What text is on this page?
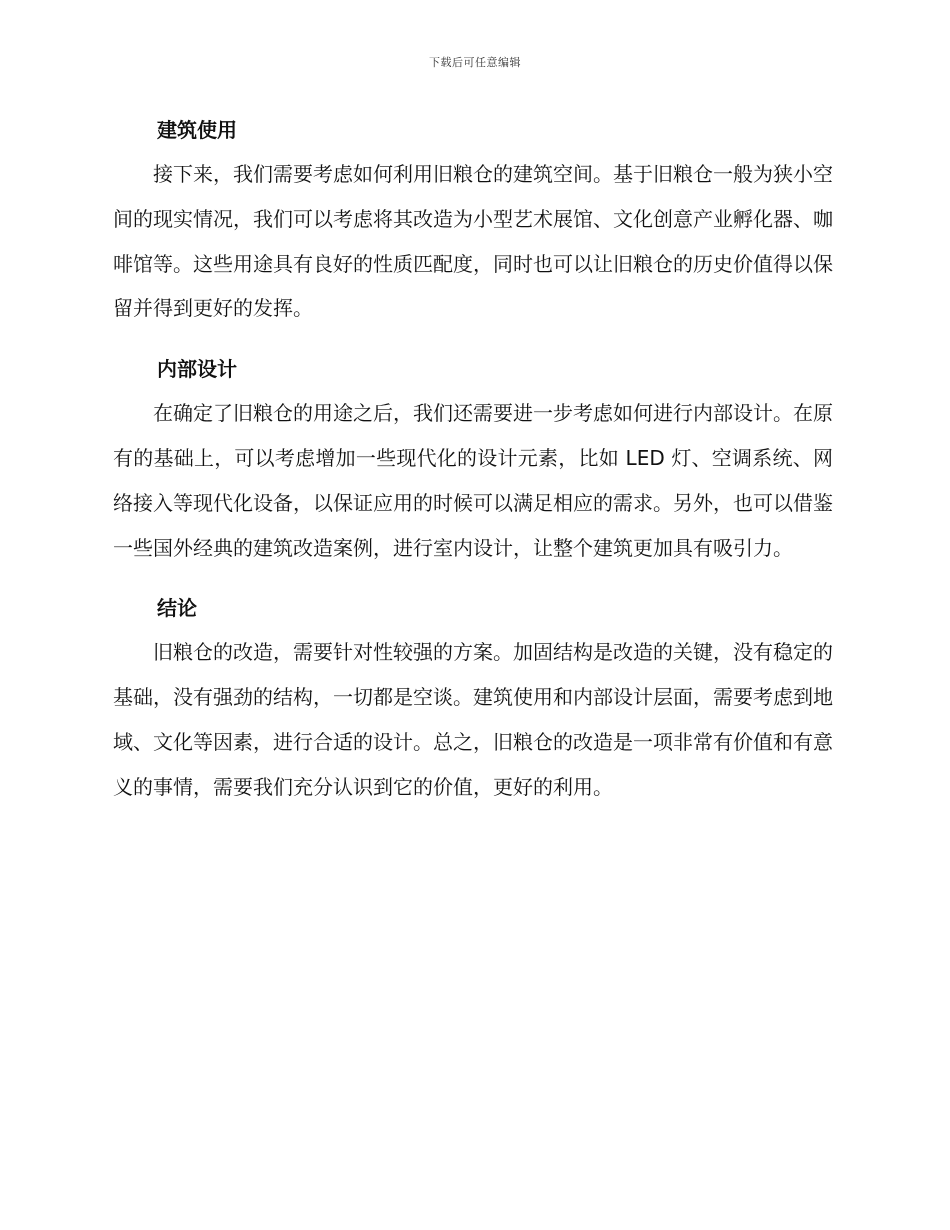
下载后可任意编辑
建筑使用

接下来，我们需要考虑如何利用旧粮仓的建筑空间。基于旧粮仓一般为狭小空间的现实情况，我们可以考虑将其改造为小型艺术展馆、文化创意产业孵化器、咖啡馆等。这些用途具有良好的性质匹配度，同时也可以让旧粮仓的历史价值得以保留并得到更好的发挥。

内部设计

在确定了旧粮仓的用途之后，我们还需要进一步考虑如何进行内部设计。在原有的基础上，可以考虑增加一些现代化的设计元素，比如 LED 灯、空调系统、网络接入等现代化设备，以保证应用的时候可以满足相应的需求。另外，也可以借鉴一些国外经典的建筑改造案例，进行室内设计，让整个建筑更加具有吸引力。

结论

旧粮仓的改造，需要针对性较强的方案。加固结构是改造的关键，没有稳定的基础，没有强劲的结构，一切都是空谈。建筑使用和内部设计层面，需要考虑到地域、文化等因素，进行合适的设计。总之，旧粮仓的改造是一项非常有价值和有意义的事情，需要我们充分认识到它的价值，更好的利用。
